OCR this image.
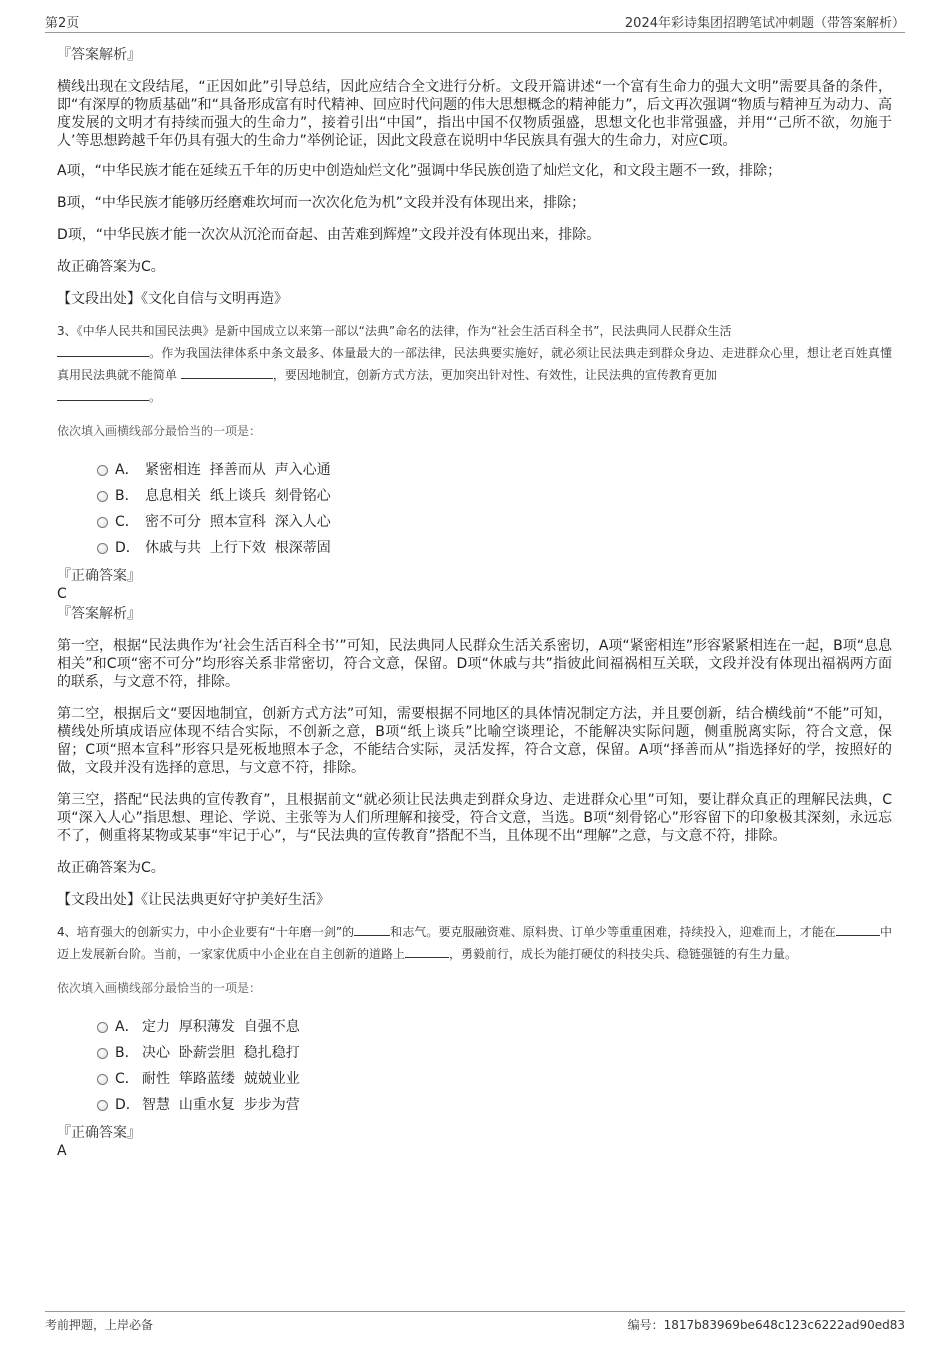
第2页	2024年彩诗集团招聘笔试冲刺题（带答案解析）

『答案解析』

横线出现在文段结尾，“正因如此”引导总结，因此应结合全文进行分析。文段开篇讲述“一个富有生命力的强大文明”需要具备的条件，即“有深厚的物质基础”和“具备形成富有时代精神、回应时代问题的伟大思想概念的精神能力”，后文再次强调“物质与精神互为动力、高度发展的文明才有持续而强大的生命力”，接着引出“中国”，指出中国不仅物质强盛，思想文化也非常强盛，并用“‘己所不欲，勿施于人’等思想跨越千年仍具有强大的生命力”举例论证，因此文段意在说明中华民族具有强大的生命力，对应C项。

A项，“中华民族才能在延续五千年的历史中创造灿烂文化”强调中华民族创造了灿烂文化，和文段主题不一致，排除；

B项，“中华民族才能够历经磨难坎坷而一次次化危为机”文段并没有体现出来，排除；

D项，“中华民族才能一次次从沉沦而奋起、由苦难到辉煌”文段并没有体现出来，排除。

故正确答案为C。

【文段出处】《文化自信与文明再造》

3、《中华人民共和国民法典》是新中国成立以来第一部以“法典”命名的法律，作为“社会生活百科全书”，民法典同人民群众生活
。作为我国法律体系中条文最多、体量最大的一部法律，民法典要实施好，就必须让民法典走到群众身边、走进群众心里，想让老百姓真懂真用民法典就不能简单	，要因地制宜，创新方式方法，更加突出针对性、有效性，让民法典的宣传教育更加
。

依次填入画横线部分最恰当的一项是：

A． 紧密相连  择善而从  声入心通
B． 息息相关  纸上谈兵  刻骨铭心
C． 密不可分  照本宣科  深入人心
D． 休戚与共  上行下效  根深蒂固

『正确答案』

C

『答案解析』

第一空，根据“民法典作为‘社会生活百科全书’”可知，民法典同人民群众生活关系密切，A项“紧密相连”形容紧紧相连在一起，B项“息息相关”和C项“密不可分”均形容关系非常密切，符合文意，保留。D项“休戚与共”指彼此间福祸相互关联，文段并没有体现出福祸两方面的联系，与文意不符，排除。

第二空，根据后文“要因地制宜，创新方式方法”可知，需要根据不同地区的具体情况制定方法，并且要创新，结合横线前“不能”可知，横线处所填成语应体现不结合实际，不创新之意，B项“纸上谈兵”比喻空谈理论，不能解决实际问题，侧重脱离实际，符合文意，保留；C项“照本宣科”形容只是死板地照本子念，不能结合实际，灵活发挥，符合文意，保留。A项“择善而从”指选择好的学，按照好的做，文段并没有选择的意思，与文意不符，排除。

第三空，搭配“民法典的宣传教育”，且根据前文“就必须让民法典走到群众身边、走进群众心里”可知，要让群众真正的理解民法典，C项“深入人心”指思想、理论、学说、主张等为人们所理解和接受，符合文意，当选。B项“刻骨铭心”形容留下的印象极其深刻，永远忘不了，侧重将某物或某事“牢记于心”，与“民法典的宣传教育”搭配不当，且体现不出“理解”之意，与文意不符，排除。

故正确答案为C。

【文段出处】《让民法典更好守护美好生活》

4、培育强大的创新实力，中小企业要有“十年磨一剑”的	和志气。要克服融资难、原料贵、订单少等重重困难，持续投入，迎难而上，才能在	中迈上发展新台阶。当前，一家家优质中小企业在自主创新的道路上	，勇毅前行，成长为能打硬仗的科技尖兵、稳链强链的有生力量。

依次填入画横线部分最恰当的一项是：

A． 定力  厚积薄发  自强不息
B． 决心  卧薪尝胆  稳扎稳打
C． 耐性  筚路蓝缕  兢兢业业
D． 智慧  山重水复  步步为营

『正确答案』

A

考前押题，上岸必备	编号：1817b83969be648c123c6222ad90ed83
